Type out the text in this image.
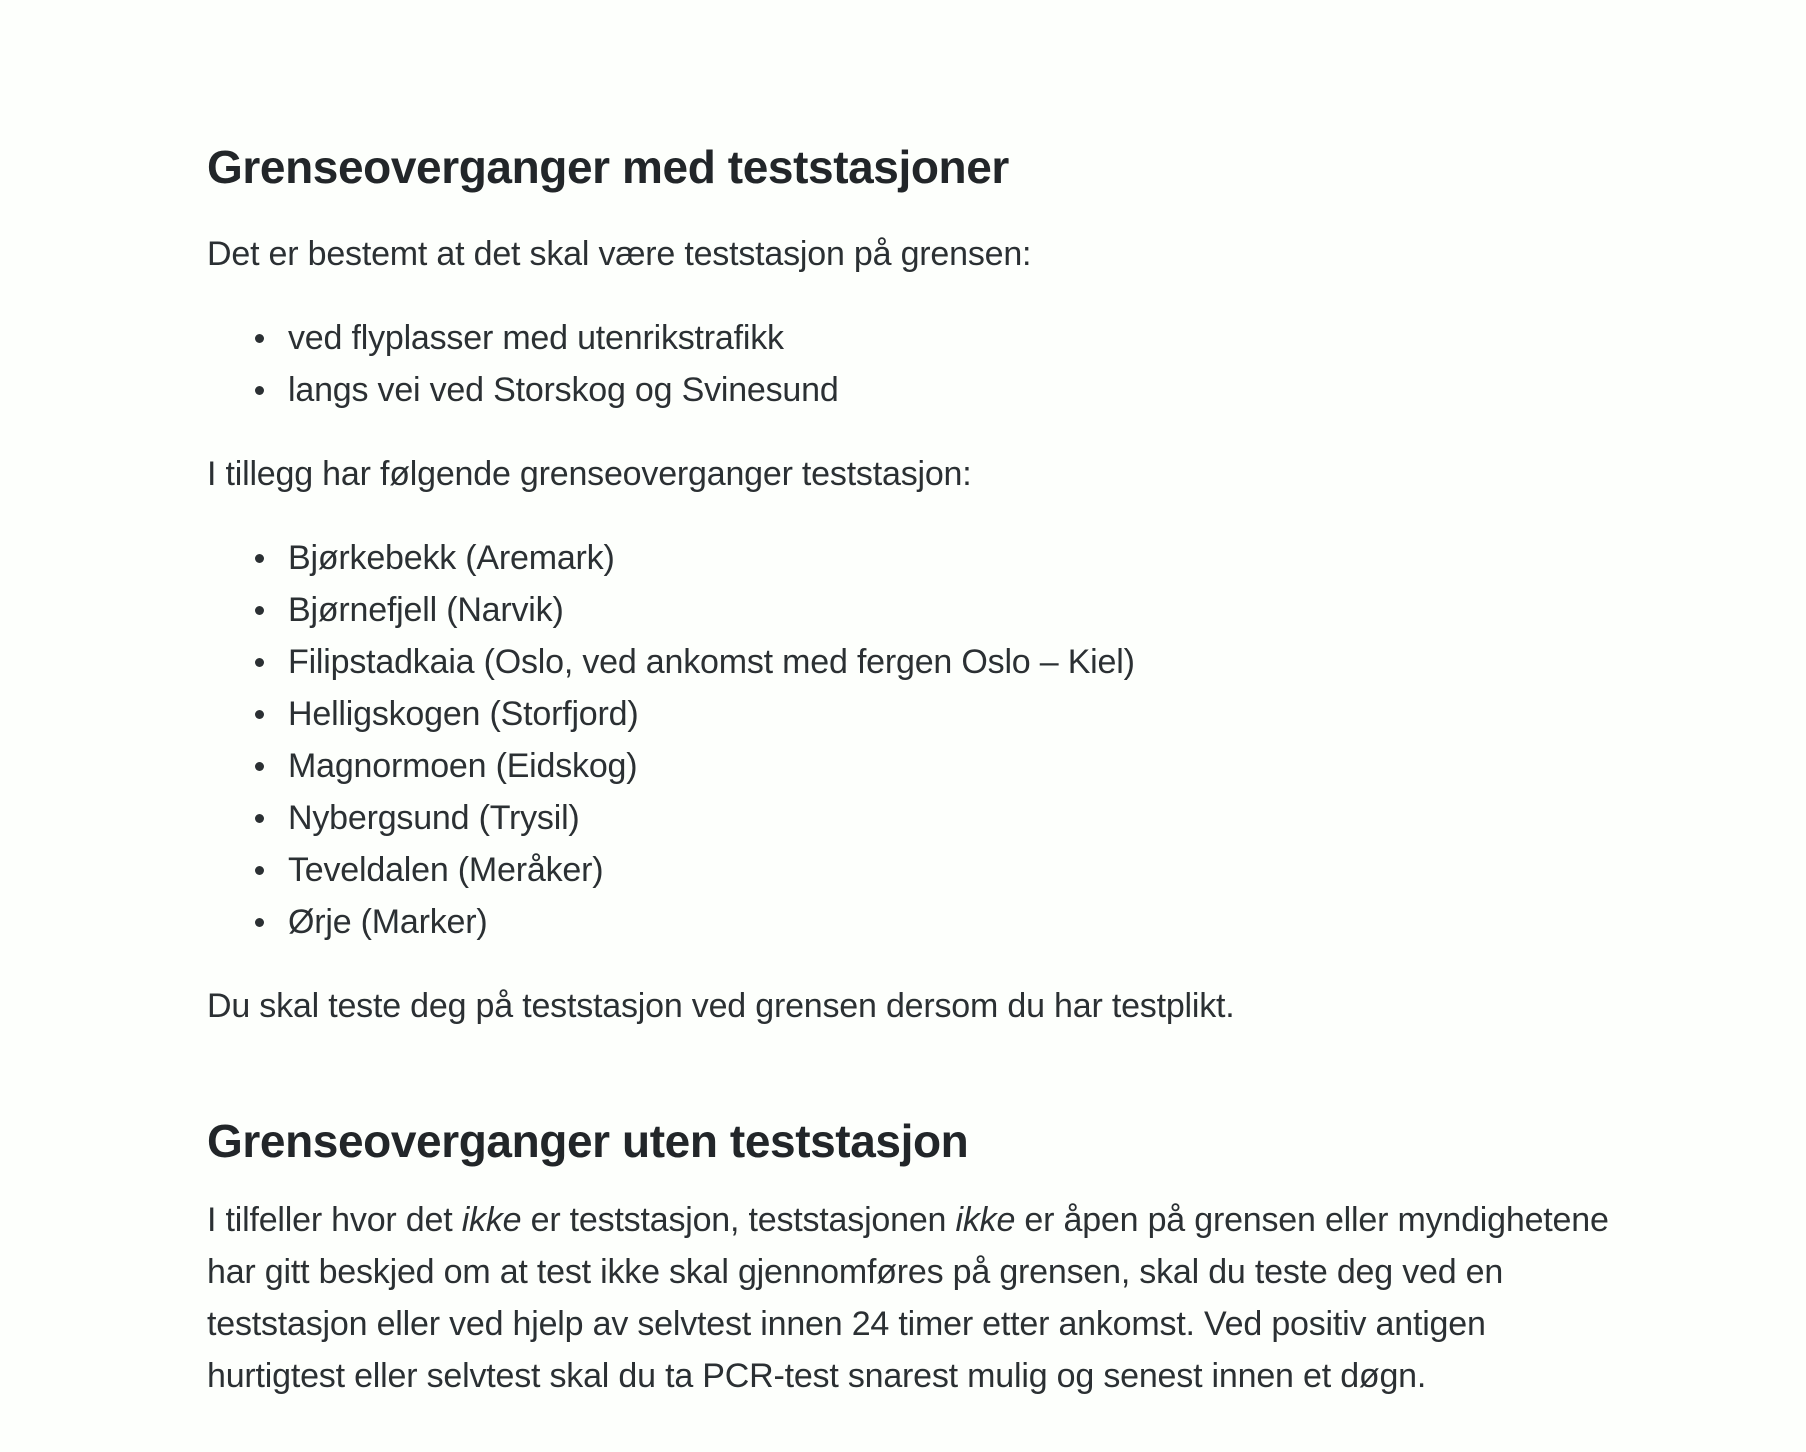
Grenseoverganger med teststasjoner

Det er bestemt at det skal være teststasjon på grensen:

ved flyplasser med utenrikstrafikk
langs vei ved Storskog og Svinesund

I tillegg har følgende grenseoverganger teststasjon:

Bjørkebekk (Aremark)
Bjørnefjell (Narvik)
Filipstadkaia (Oslo, ved ankomst med fergen Oslo – Kiel)
Helligskogen (Storfjord)
Magnormoen (Eidskog)
Nybergsund (Trysil)
Teveldalen (Meråker)
Ørje (Marker)

Du skal teste deg på teststasjon ved grensen dersom du har testplikt.

Grenseoverganger uten teststasjon
I tilfeller hvor det ikke er teststasjon, teststasjonen ikke er åpen på grensen eller myndighetene
har gitt beskjed om at test ikke skal gjennomføres på grensen, skal du teste deg ved en
teststasjon eller ved hjelp av selvtest innen 24 timer etter ankomst. Ved positiv antigen
hurtigtest eller selvtest skal du ta PCR-test snarest mulig og senest innen et døgn.
